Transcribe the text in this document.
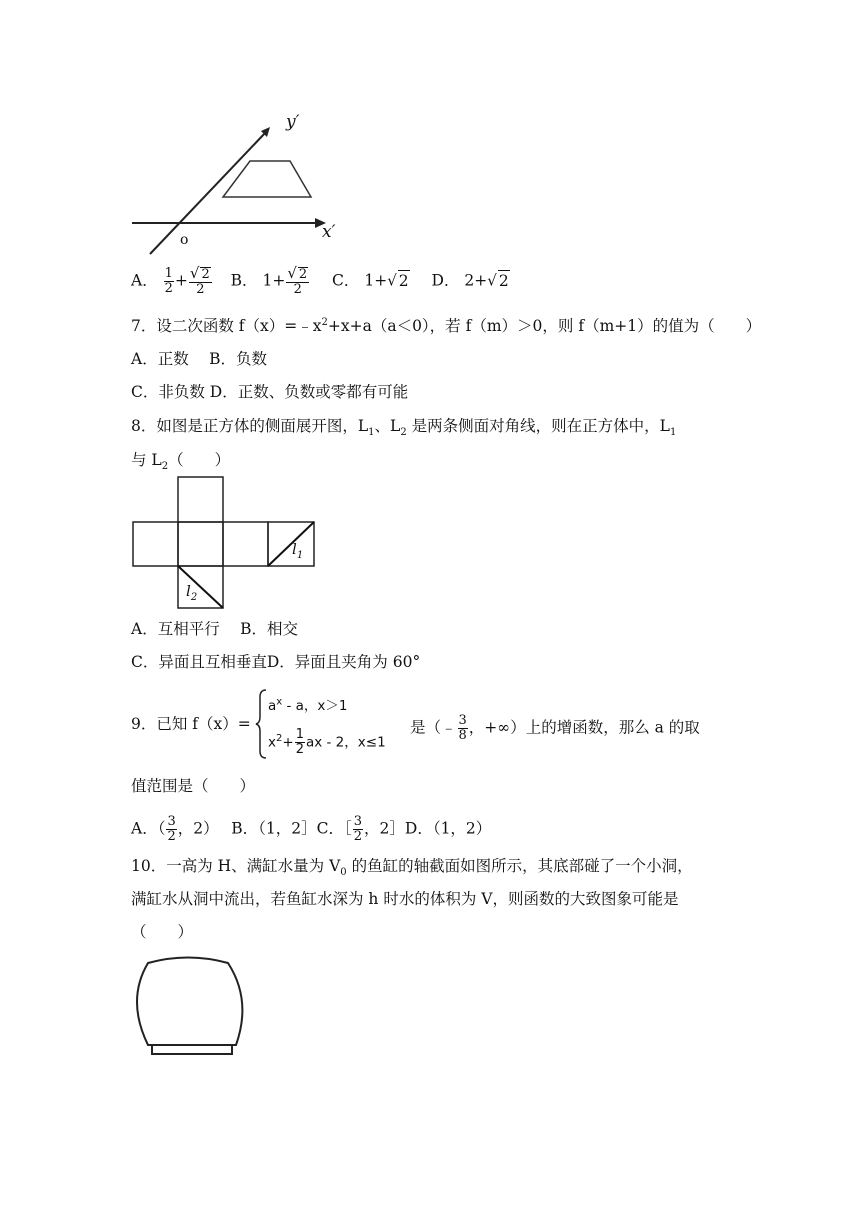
y′
x′
o
A． $\frac{1}{2} + \frac{√ 2}{2}$ B． $1+ \frac{√ 2}{2}$ C． 1+√ 2 D． 2+√ 2
7．设二次函数 $f(x)=﹣x^2+x+a(a<0)$，若 f（m）＞0，则 f（m+1）的值为（　　）
A．正数　 B．负数
C．非负数 D．正数、负数或零都有可能
8．如图是正方体的侧面展开图，$L_1$、$L_2$ 是两条侧面对角线，则在正方体中，$L_1$
与 $L_2$（　　）
$l_1$
$l_2$
A．互相平行　 B．相交
C．异面且互相垂直D．异面且夹角为 60°
9．已知 f（x）=
$a^x$ - a，x＞1
$x^2+ \frac{1}{2}$ ax - 2，x≤1
是（﹣ $\frac{3}{8}$ ，+∞）上的增函数，那么 a 的取
值范围是（　　）
A．（ $\frac{3}{2}$ ，2）　 B．（1，2］C．［ $\frac{3}{2}$ ，2］D．（1，2）
10．一高为 H、满缸水量为 $V_0$ 的鱼缸的轴截面如图所示，其底部碰了一个小洞，
满缸水从洞中流出，若鱼缸水深为 h 时水的体积为 V，则函数的大致图象可能是
（　　）
